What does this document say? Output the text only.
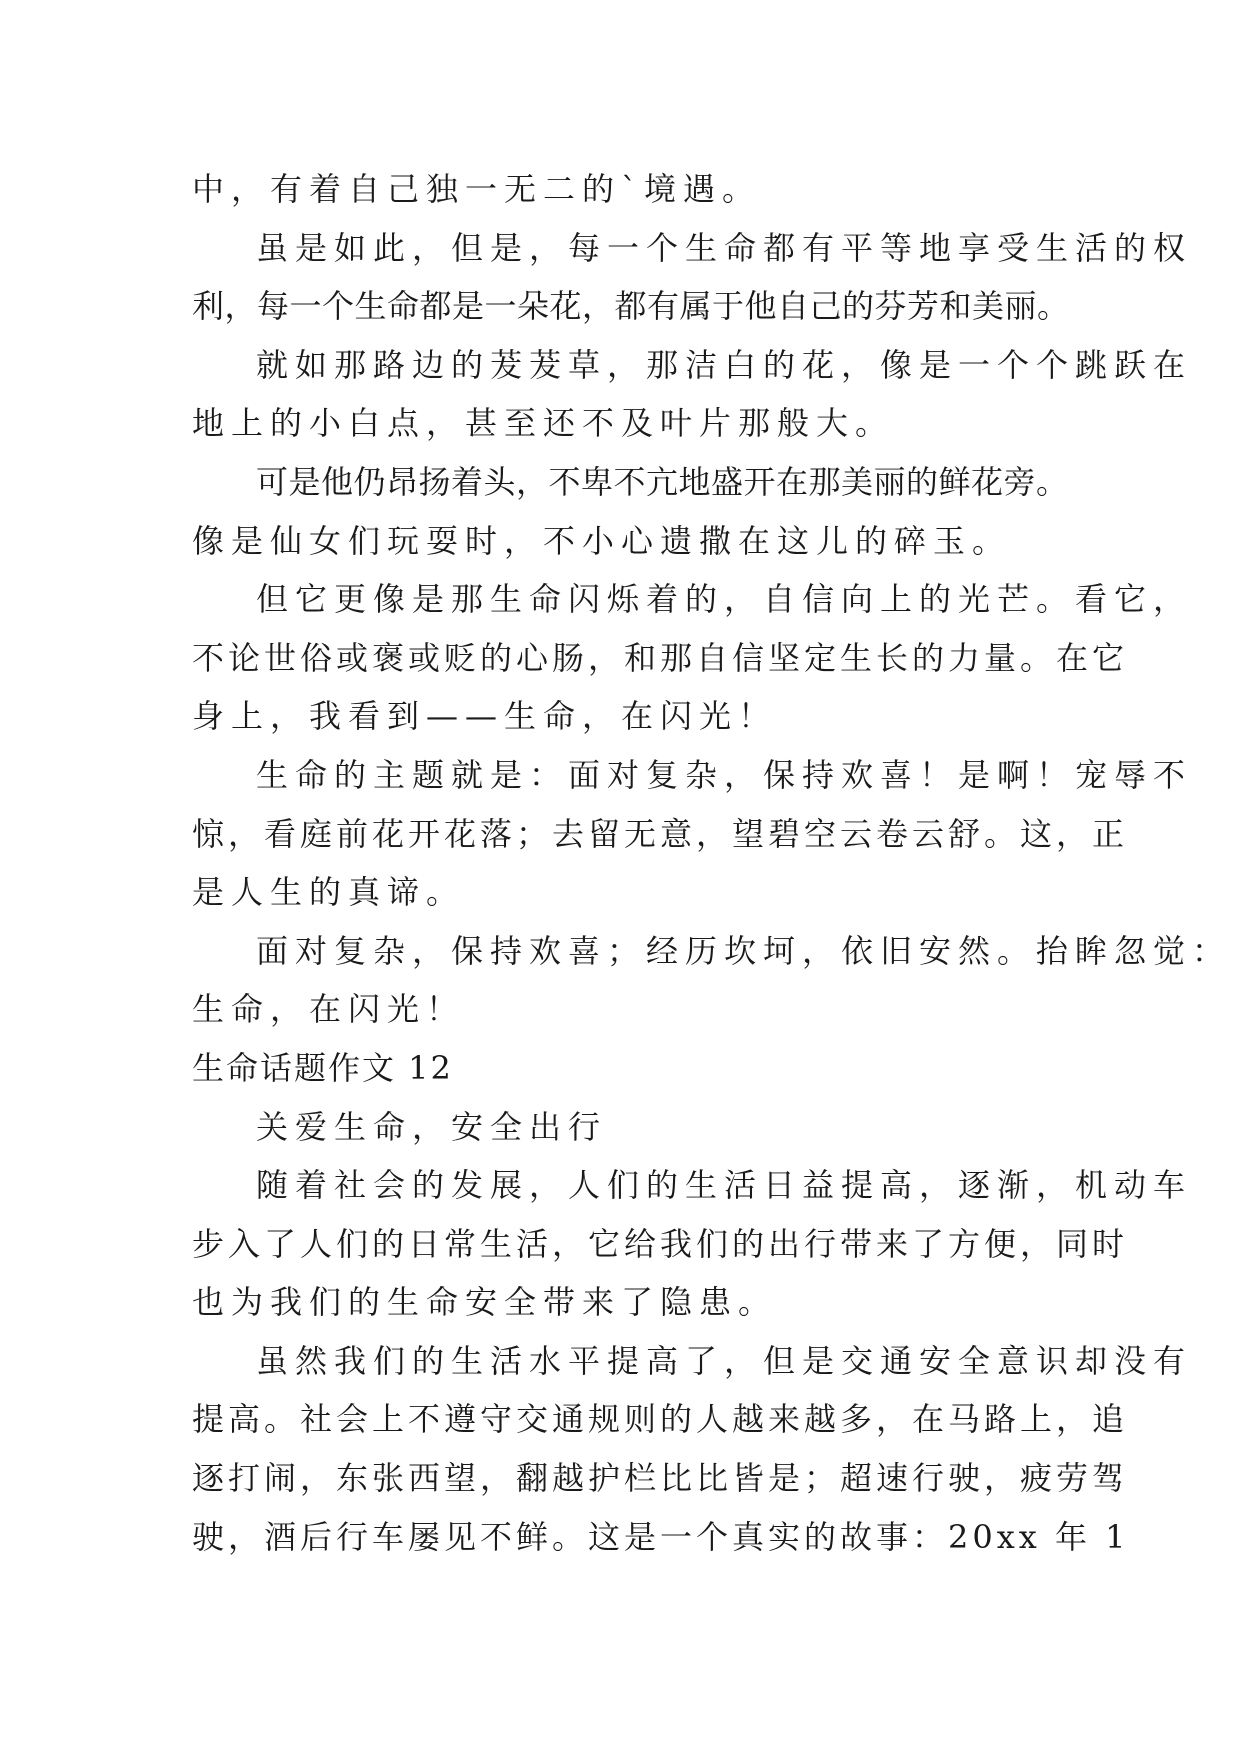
中，有着自己独一无二的`境遇。
虽是如此，但是，每一个生命都有平等地享受生活的权
利，每一个生命都是一朵花，都有属于他自己的芬芳和美丽。
就如那路边的茇茇草，那洁白的花，像是一个个跳跃在
地上的小白点，甚至还不及叶片那般大。
可是他仍昂扬着头，不卑不亢地盛开在那美丽的鲜花旁。
像是仙女们玩耍时，不小心遗撒在这儿的碎玉。
但它更像是那生命闪烁着的，自信向上的光芒。看它，
不论世俗或褒或贬的心肠，和那自信坚定生长的力量。在它
身上，我看到——生命，在闪光！
生命的主题就是：面对复杂，保持欢喜！是啊！宠辱不
惊，看庭前花开花落；去留无意，望碧空云卷云舒。这，正
是人生的真谛。
面对复杂，保持欢喜；经历坎坷，依旧安然。抬眸忽觉：
生命，在闪光！
生命话题作文 12
关爱生命，安全出行
随着社会的发展，人们的生活日益提高，逐渐，机动车
步入了人们的日常生活，它给我们的出行带来了方便，同时
也为我们的生命安全带来了隐患。
虽然我们的生活水平提高了，但是交通安全意识却没有
提高。社会上不遵守交通规则的人越来越多，在马路上，追
逐打闹，东张西望，翻越护栏比比皆是；超速行驶，疲劳驾
驶，酒后行车屡见不鲜。这是一个真实的故事：20xx 年 1
